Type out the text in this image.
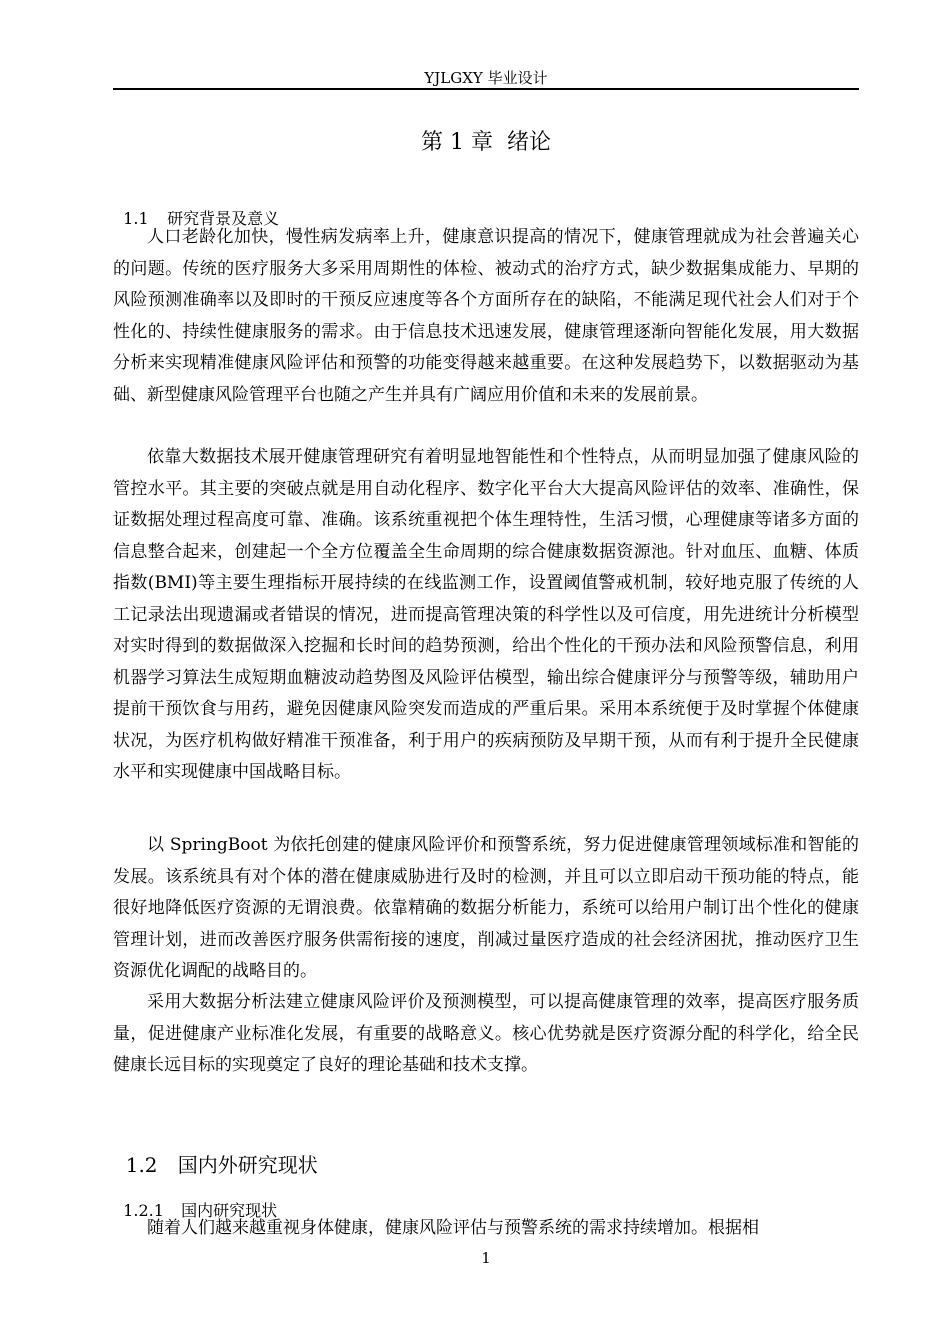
YJLGXY 毕业设计
第 1 章  绪论

1.1 研究背景及意义

人口老龄化加快，慢性病发病率上升，健康意识提高的情况下，健康管理就成为社会普遍关心的问题。传统的医疗服务大多采用周期性的体检、被动式的治疗方式，缺少数据集成能力、早期的风险预测准确率以及即时的干预反应速度等各个方面所存在的缺陷，不能满足现代社会人们对于个性化的、持续性健康服务的需求。由于信息技术迅速发展，健康管理逐渐向智能化发展，用大数据分析来实现精准健康风险评估和预警的功能变得越来越重要。在这种发展趋势下，以数据驱动为基础、新型健康风险管理平台也随之产生并具有广阔应用价值和未来的发展前景。

依靠大数据技术展开健康管理研究有着明显地智能性和个性特点，从而明显加强了健康风险的管控水平。其主要的突破点就是用自动化程序、数字化平台大大提高风险评估的效率、准确性，保证数据处理过程高度可靠、准确。该系统重视把个体生理特性，生活习惯，心理健康等诸多方面的信息整合起来，创建起一个全方位覆盖全生命周期的综合健康数据资源池。针对血压、血糖、体质指数(BMI)等主要生理指标开展持续的在线监测工作，设置阈值警戒机制，较好地克服了传统的人工记录法出现遗漏或者错误的情况，进而提高管理决策的科学性以及可信度，用先进统计分析模型对实时得到的数据做深入挖掘和长时间的趋势预测，给出个性化的干预办法和风险预警信息，利用机器学习算法生成短期血糖波动趋势图及风险评估模型，输出综合健康评分与预警等级，辅助用户提前干预饮食与用药，避免因健康风险突发而造成的严重后果。采用本系统便于及时掌握个体健康状况，为医疗机构做好精准干预准备，利于用户的疾病预防及早期干预，从而有利于提升全民健康水平和实现健康中国战略目标。

以 SpringBoot 为依托创建的健康风险评价和预警系统，努力促进健康管理领域标准和智能的发展。该系统具有对个体的潜在健康威胁进行及时的检测，并且可以立即启动干预功能的特点，能很好地降低医疗资源的无谓浪费。依靠精确的数据分析能力，系统可以给用户制订出个性化的健康管理计划，进而改善医疗服务供需衔接的速度，削减过量医疗造成的社会经济困扰，推动医疗卫生资源优化调配的战略目的。

采用大数据分析法建立健康风险评价及预测模型，可以提高健康管理的效率，提高医疗服务质量，促进健康产业标准化发展，有重要的战略意义。核心优势就是医疗资源分配的科学化，给全民健康长远目标的实现奠定了良好的理论基础和技术支撑。

1.2 国内外研究现状

1.2.1 国内研究现状

随着人们越来越重视身体健康，健康风险评估与预警系统的需求持续增加。根据相

1
